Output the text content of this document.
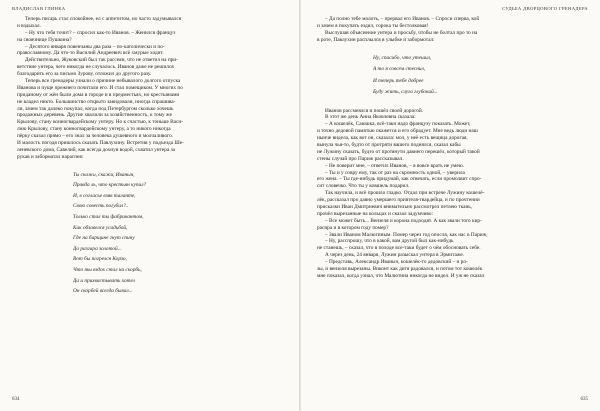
ВЛАДИСЛАВ ГЛИНКА
Теперь писарь стал спокойнее, ел с аппетитом, но часто задумывался
и вздыхал.
– Ну что тебя точит? – спросил как-то Иванов. – Женился француз
на своячнице Пушкина?
– Десятого января повенчаны два раза – по-католически и по-
православному. Да что-то Василий Андреевич всё хмурые ходит.
Действительно, Жуковский был так рассеян, что не ответил на при-
ветствие унтера, чего никогда не случалось. Иванов даже не решился
благодарить его за письмо Зурову, отложил до другого разу.
Теперь все гренадеры узнали о причине небывалого долгого отпуска
Иванова и пуще прежнего почитали его. И стал помещиком. У многих по
приданому от жён были дома в городе и в предместьях, но крестьянами
не владел никто. Большинство открыто завидовали, иногда спрашива-
ли, зачем так далеко покупал, когда под Петербургом сколько хочешь
продажных деревень. Другие хвалили за хозяйственность, к тому же
Крылову, стану конногвардейскому унтеру. Но к счастью, к тоньше Васи-
лию Крылову, стану конногвардейскому унтеру, а то никого никогда
пёрку сказал прямо – его знал за человека душевного и молчаливого.
И малость погодя пришлось сказать Павлухину. Встретив у подъезда Ше-
леневского дома, Савелий, как всегда дохнув водой, схватил унтера за
рукав и заборматал нараспев:
Ты скажи, скажи, Иваныч,
Правда ль, что крестьян купил?
И, в согласье взяв таланте,
Свою совесть погубил?..
Только стал ты фабрикантом,
Как обзавелся усадьбой,
Где на барщине гнут спину
До разгара золотой...
Вот бы погрелся Корзо,
Что ты вздох стал на скорбь,
Да и прихвастывать хотел
Он скорбей всегда бывал...
634
СУДЬБА ДВОРЦОВОГО ГРЕНАДЕРА
– Да полно тебе молоть, – прервал его Иванов. – Спроси сперва, кой
и зачем я покупать ездил, сорока ты бестолковая!
Выслушав объяснение унтера и просьбу, чтобы не болтал про то на
в роте, Павлухин расплылся в улыбке и забормотал:
Ну, спасибо, что утешил,
А то я совсем стеснил,
И теперь тебе добрее
Буду жить, слуга глубокий...
Иванов рассмеялся и пошёл своей дорогой.
В этот же день Анна Яковлевна сказала:
– А кошелёк, Саюшка, всё-таки надо французу показать. Может,
и точно дедовой памятью окажется и его обрадует. Мне ведь люди наш
нынче видела, как вот он, сказала: мол, у неё есть вещица дорогая,
вынула чья-то, будто от протряти вашего поднялся, сказал кабы
не Лужину сказать, будто от протянути давнего перешёл, который такой
стены случай про Париж рассказывал.
– Не поверит мне, – ответил Иванов, – я вовсе врать не умею.
– Ты и у совру ему, так от раз на скромность одной, – уверила
его жена. – Ты где-нибудь придумай, как отвечать, если промолвит спро-
сит словечко. Что ты у ковшель подарил.
Так научила, и всё прошло гладко. Отдал при встрече Лужину кошелё-
лёк, рассказал про давно умершего приятеля-гвардейца, и по прочтении
присказки Иван Дмитриевич внимательно рассмотрел петлею ткань,
прочёл вырезанные на кольцах и сказал задумчиво:
– Все может быть... Вензеля и корона подходят. А как звали того кир-
расира и в котором году помер?
– Звали Иваном Малюгиным. Помер через год опосля, как нас в Париж,
– Ну, расспрошу, что в какой, вам другой был как-нибудь
не станешь, – сказал, что в походе все-таки будет о чём обосновать себе.
А через день, 24 января, Лужин разыскал унтера в Эрмитаже.
– Представь, Александр Иваныч, кошелёк-то дедовский – и ро-
зы, и вензеля вырезаны. Виконт как дитя радовался, и потом тот кошелёк
мне показал, когда узнал, что Малютина никогда не видел. И уж не сказал
635
